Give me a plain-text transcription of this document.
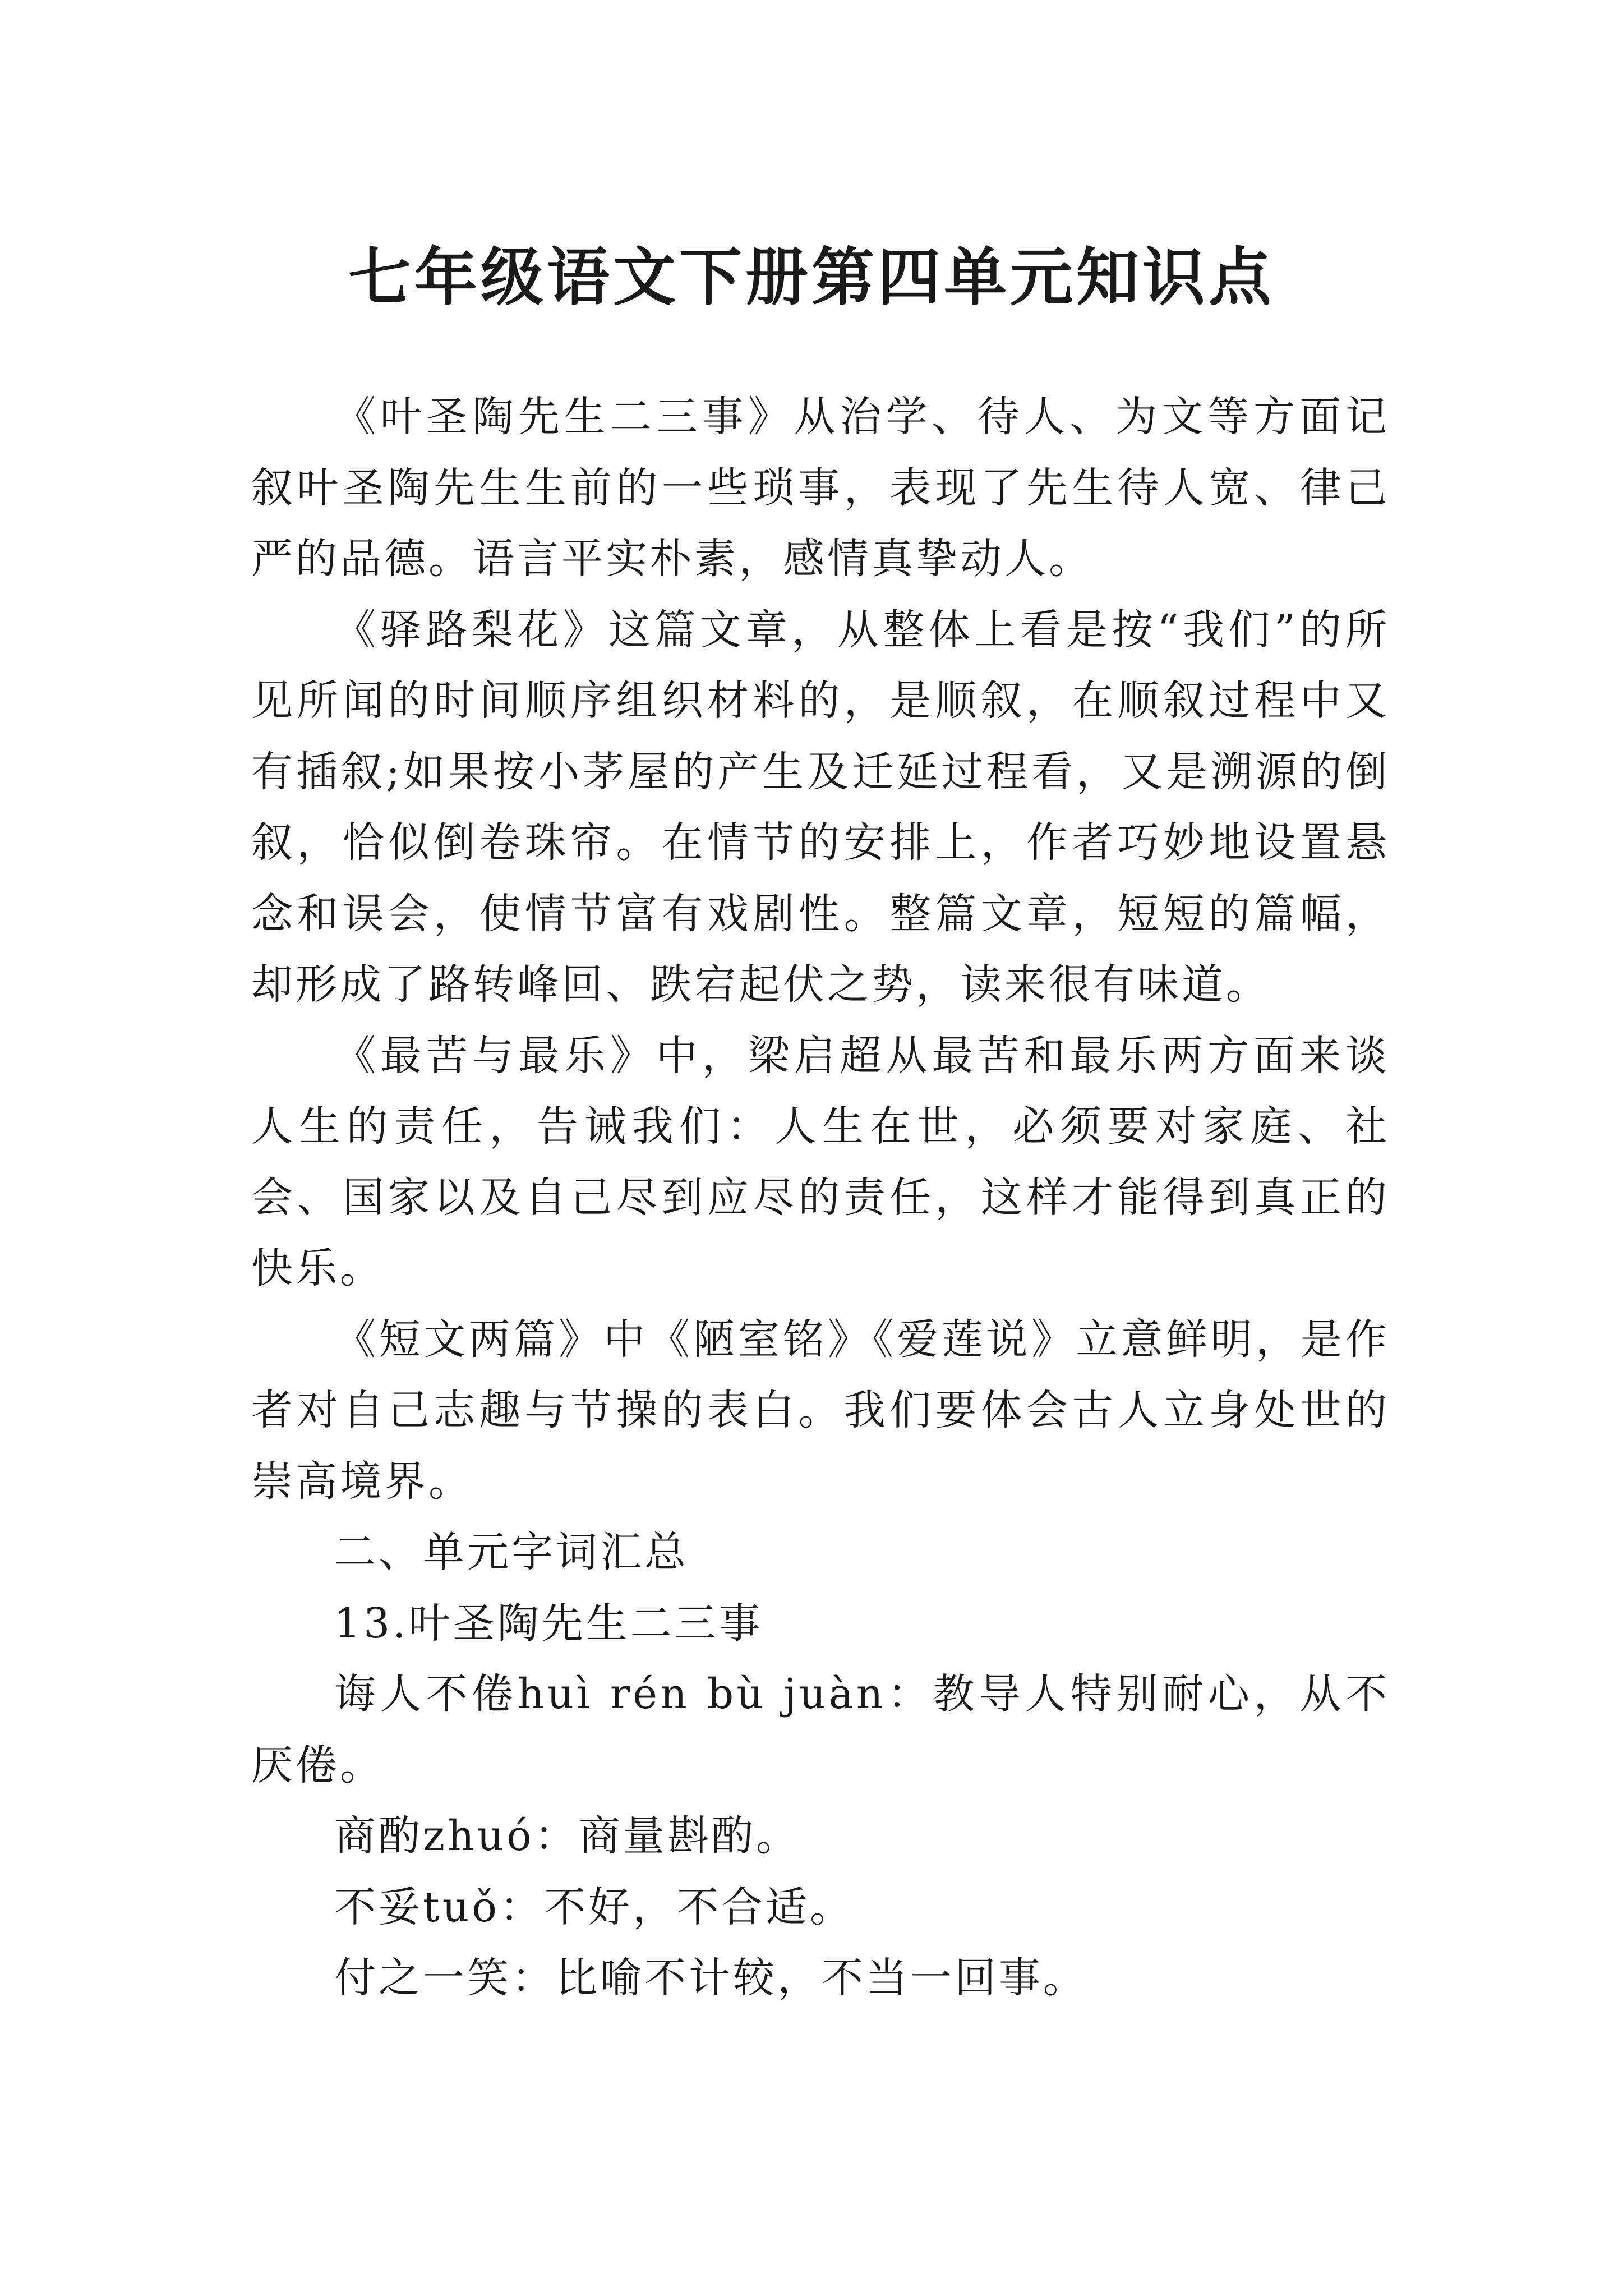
七年级语文下册第四单元知识点

《叶圣陶先生二三事》从治学、待人、为文等方面记叙叶圣陶先生生前的一些琐事，表现了先生待人宽、律己严的品德。语言平实朴素，感情真挚动人。

《驿路梨花》这篇文章，从整体上看是按“我们”的所见所闻的时间顺序组织材料的，是顺叙，在顺叙过程中又有插叙;如果按小茅屋的产生及迁延过程看，又是溯源的倒叙，恰似倒卷珠帘。在情节的安排上，作者巧妙地设置悬念和误会，使情节富有戏剧性。整篇文章，短短的篇幅，却形成了路转峰回、跌宕起伏之势，读来很有味道。

《最苦与最乐》中，梁启超从最苦和最乐两方面来谈人生的责任，告诫我们：人生在世，必须要对家庭、社会、国家以及自己尽到应尽的责任，这样才能得到真正的快乐。

《短文两篇》中《陋室铭》《爱莲说》立意鲜明，是作者对自己志趣与节操的表白。我们要体会古人立身处世的崇高境界。

二、单元字词汇总

13.叶圣陶先生二三事

诲人不倦huì rén bù juàn：教导人特别耐心，从不厌倦。

商酌zhuó：商量斟酌。

不妥tuǒ：不好，不合适。

付之一笑：比喻不计较，不当一回事。
